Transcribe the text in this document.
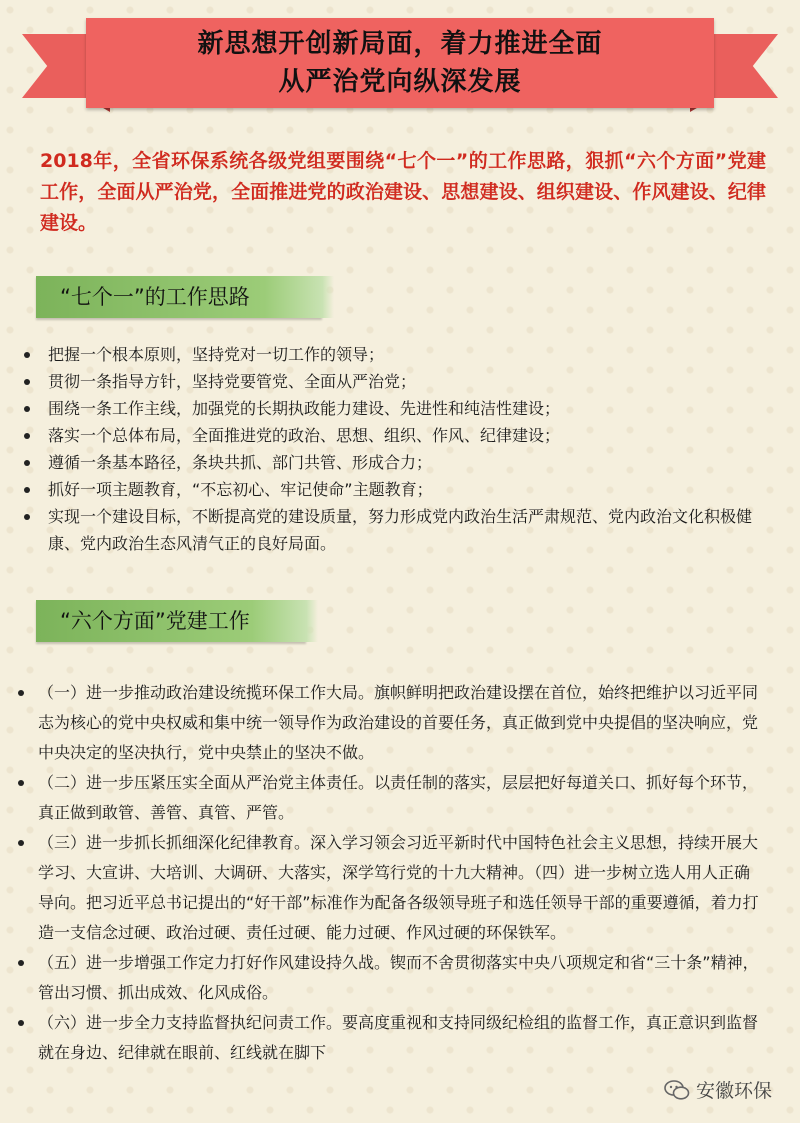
新思想开创新局面，着力推进全面
从严治党向纵深发展

2018年，全省环保系统各级党组要围绕“七个一”的工作思路，狠抓“六个方面”党建工作，全面从严治党，全面推进党的政治建设、思想建设、组织建设、作风建设、纪律建设。

“七个一”的工作思路
把握一个根本原则，坚持党对一切工作的领导；
贯彻一条指导方针，坚持党要管党、全面从严治党；
围绕一条工作主线，加强党的长期执政能力建设、先进性和纯洁性建设；
落实一个总体布局，全面推进党的政治、思想、组织、作风、纪律建设；
遵循一条基本路径，条块共抓、部门共管、形成合力；
抓好一项主题教育，“不忘初心、牢记使命”主题教育；
实现一个建设目标，不断提高党的建设质量，努力形成党内政治生活严肃规范、党内政治文化积极健康、党内政治生态风清气正的良好局面。
“六个方面”党建工作
（一）进一步推动政治建设统揽环保工作大局。旗帜鲜明把政治建设摆在首位，始终把维护以习近平同志为核心的党中央权威和集中统一领导作为政治建设的首要任务，真正做到党中央提倡的坚决响应，党中央决定的坚决执行，党中央禁止的坚决不做。
（二）进一步压紧压实全面从严治党主体责任。以责任制的落实，层层把好每道关口、抓好每个环节，真正做到敢管、善管、真管、严管。
（三）进一步抓长抓细深化纪律教育。深入学习领会习近平新时代中国特色社会主义思想，持续开展大学习、大宣讲、大培训、大调研、大落实，深学笃行党的十九大精神。（四）进一步树立选人用人正确导向。把习近平总书记提出的“好干部”标准作为配备各级领导班子和选任领导干部的重要遵循，着力打造一支信念过硬、政治过硬、责任过硬、能力过硬、作风过硬的环保铁军。
（五）进一步增强工作定力打好作风建设持久战。锲而不舍贯彻落实中央八项规定和省“三十条”精神，管出习惯、抓出成效、化风成俗。
（六）进一步全力支持监督执纪问责工作。要高度重视和支持同级纪检组的监督工作，真正意识到监督就在身边、纪律就在眼前、红线就在脚下
安徽环保
